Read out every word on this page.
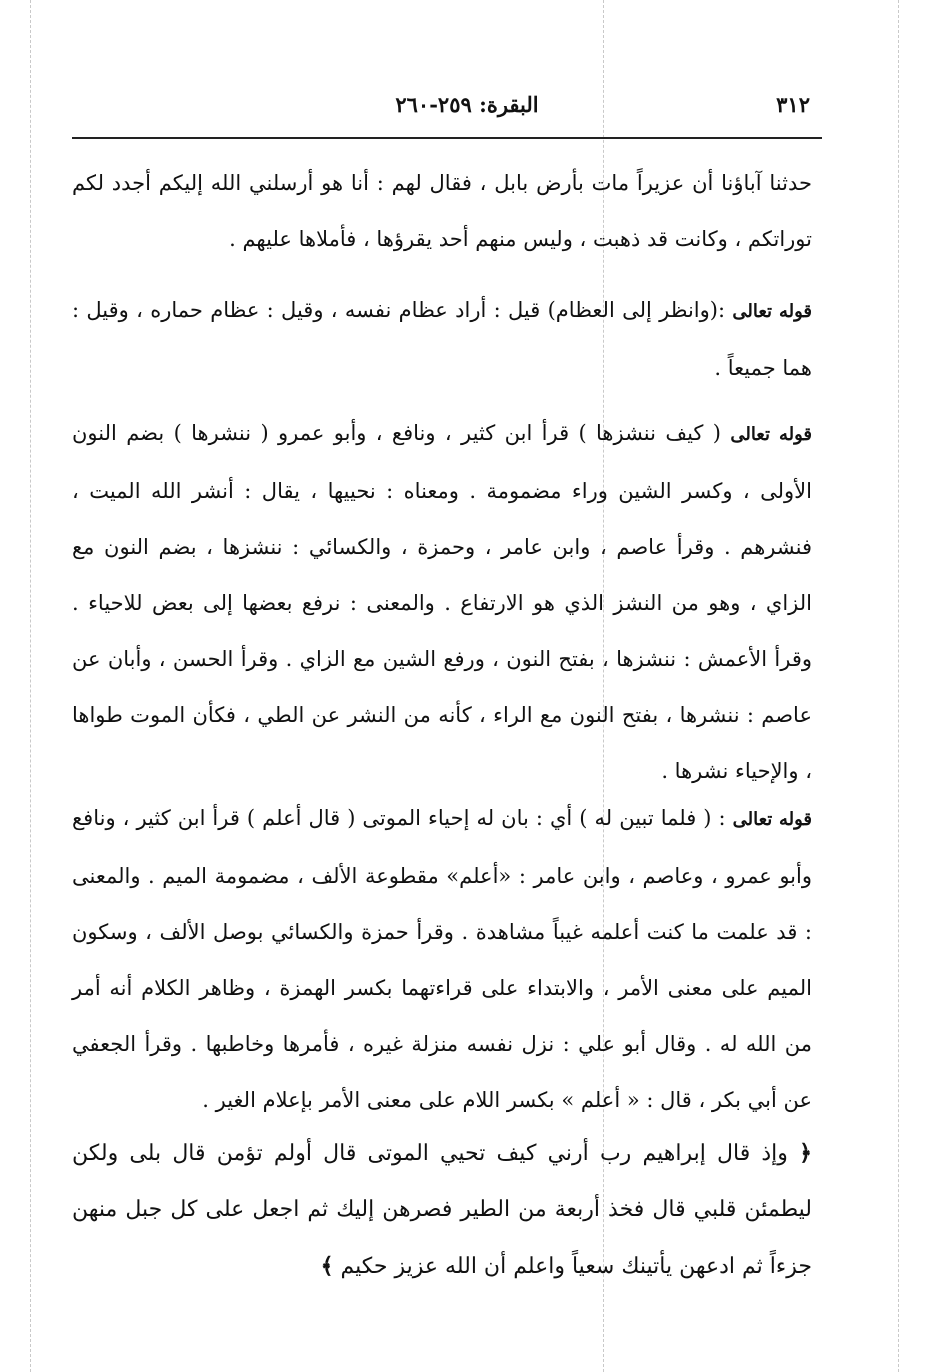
٣١٢
البقرة: ٢٥٩-٢٦٠

حدثنا آباؤنا أن عزيراً مات بأرض بابل ، فقال لهم : أنا هو أرسلني الله إليكم أجدد لكم توراتكم ، وكانت قد ذهبت ، وليس منهم أحد يقرؤها ، فأملاها عليهم .

قوله تعالى :(وانظر إلى العظام) قيل : أراد عظام نفسه ، وقيل : عظام حماره ، وقيل : هما جميعاً .

قوله تعالى ( كيف ننشزها ) قرأ ابن كثير ، ونافع ، وأبو عمرو ( ننشرها ) بضم النون الأولى ، وكسر الشين وراء مضمومة . ومعناه : نحييها ، يقال : أنشر الله الميت ، فنشرهم . وقرأ عاصم ، وابن عامر ، وحمزة ، والكسائي : ننشزها ، بضم النون مع الزاي ، وهو من النشز الذي هو الارتفاع . والمعنى : نرفع بعضها إلى بعض للاحياء . وقرأ الأعمش : ننشزها ، بفتح النون ، ورفع الشين مع الزاي . وقرأ الحسن ، وأبان عن عاصم : ننشرها ، بفتح النون مع الراء ، كأنه من النشر عن الطي ، فكأن الموت طواها ، والإحياء نشرها .

قوله تعالى : ( فلما تبين له ) أي : بان له إحياء الموتى ( قال أعلم ) قرأ ابن كثير ، ونافع وأبو عمرو ، وعاصم ، وابن عامر : «أعلم» مقطوعة الألف ، مضمومة الميم . والمعنى : قد علمت ما كنت أعلمه غيباً مشاهدة . وقرأ حمزة والكسائي بوصل الألف ، وسكون الميم على معنى الأمر ، والابتداء على قراءتهما بكسر الهمزة ، وظاهر الكلام أنه أمر من الله له . وقال أبو علي : نزل نفسه منزلة غيره ، فأمرها وخاطبها . وقرأ الجعفي عن أبي بكر ، قال : « أعلم » بكسر اللام على معنى الأمر بإعلام الغير .

﴿ وإذ قال إبراهيم رب أرني كيف تحيي الموتى قال أولم تؤمن قال بلى ولكن ليطمئن قلبي قال فخذ أربعة من الطير فصرهن إليك ثم اجعل على كل جبل منهن جزءاً ثم ادعهن يأتينك سعياً واعلم أن الله عزيز حكيم ﴾
